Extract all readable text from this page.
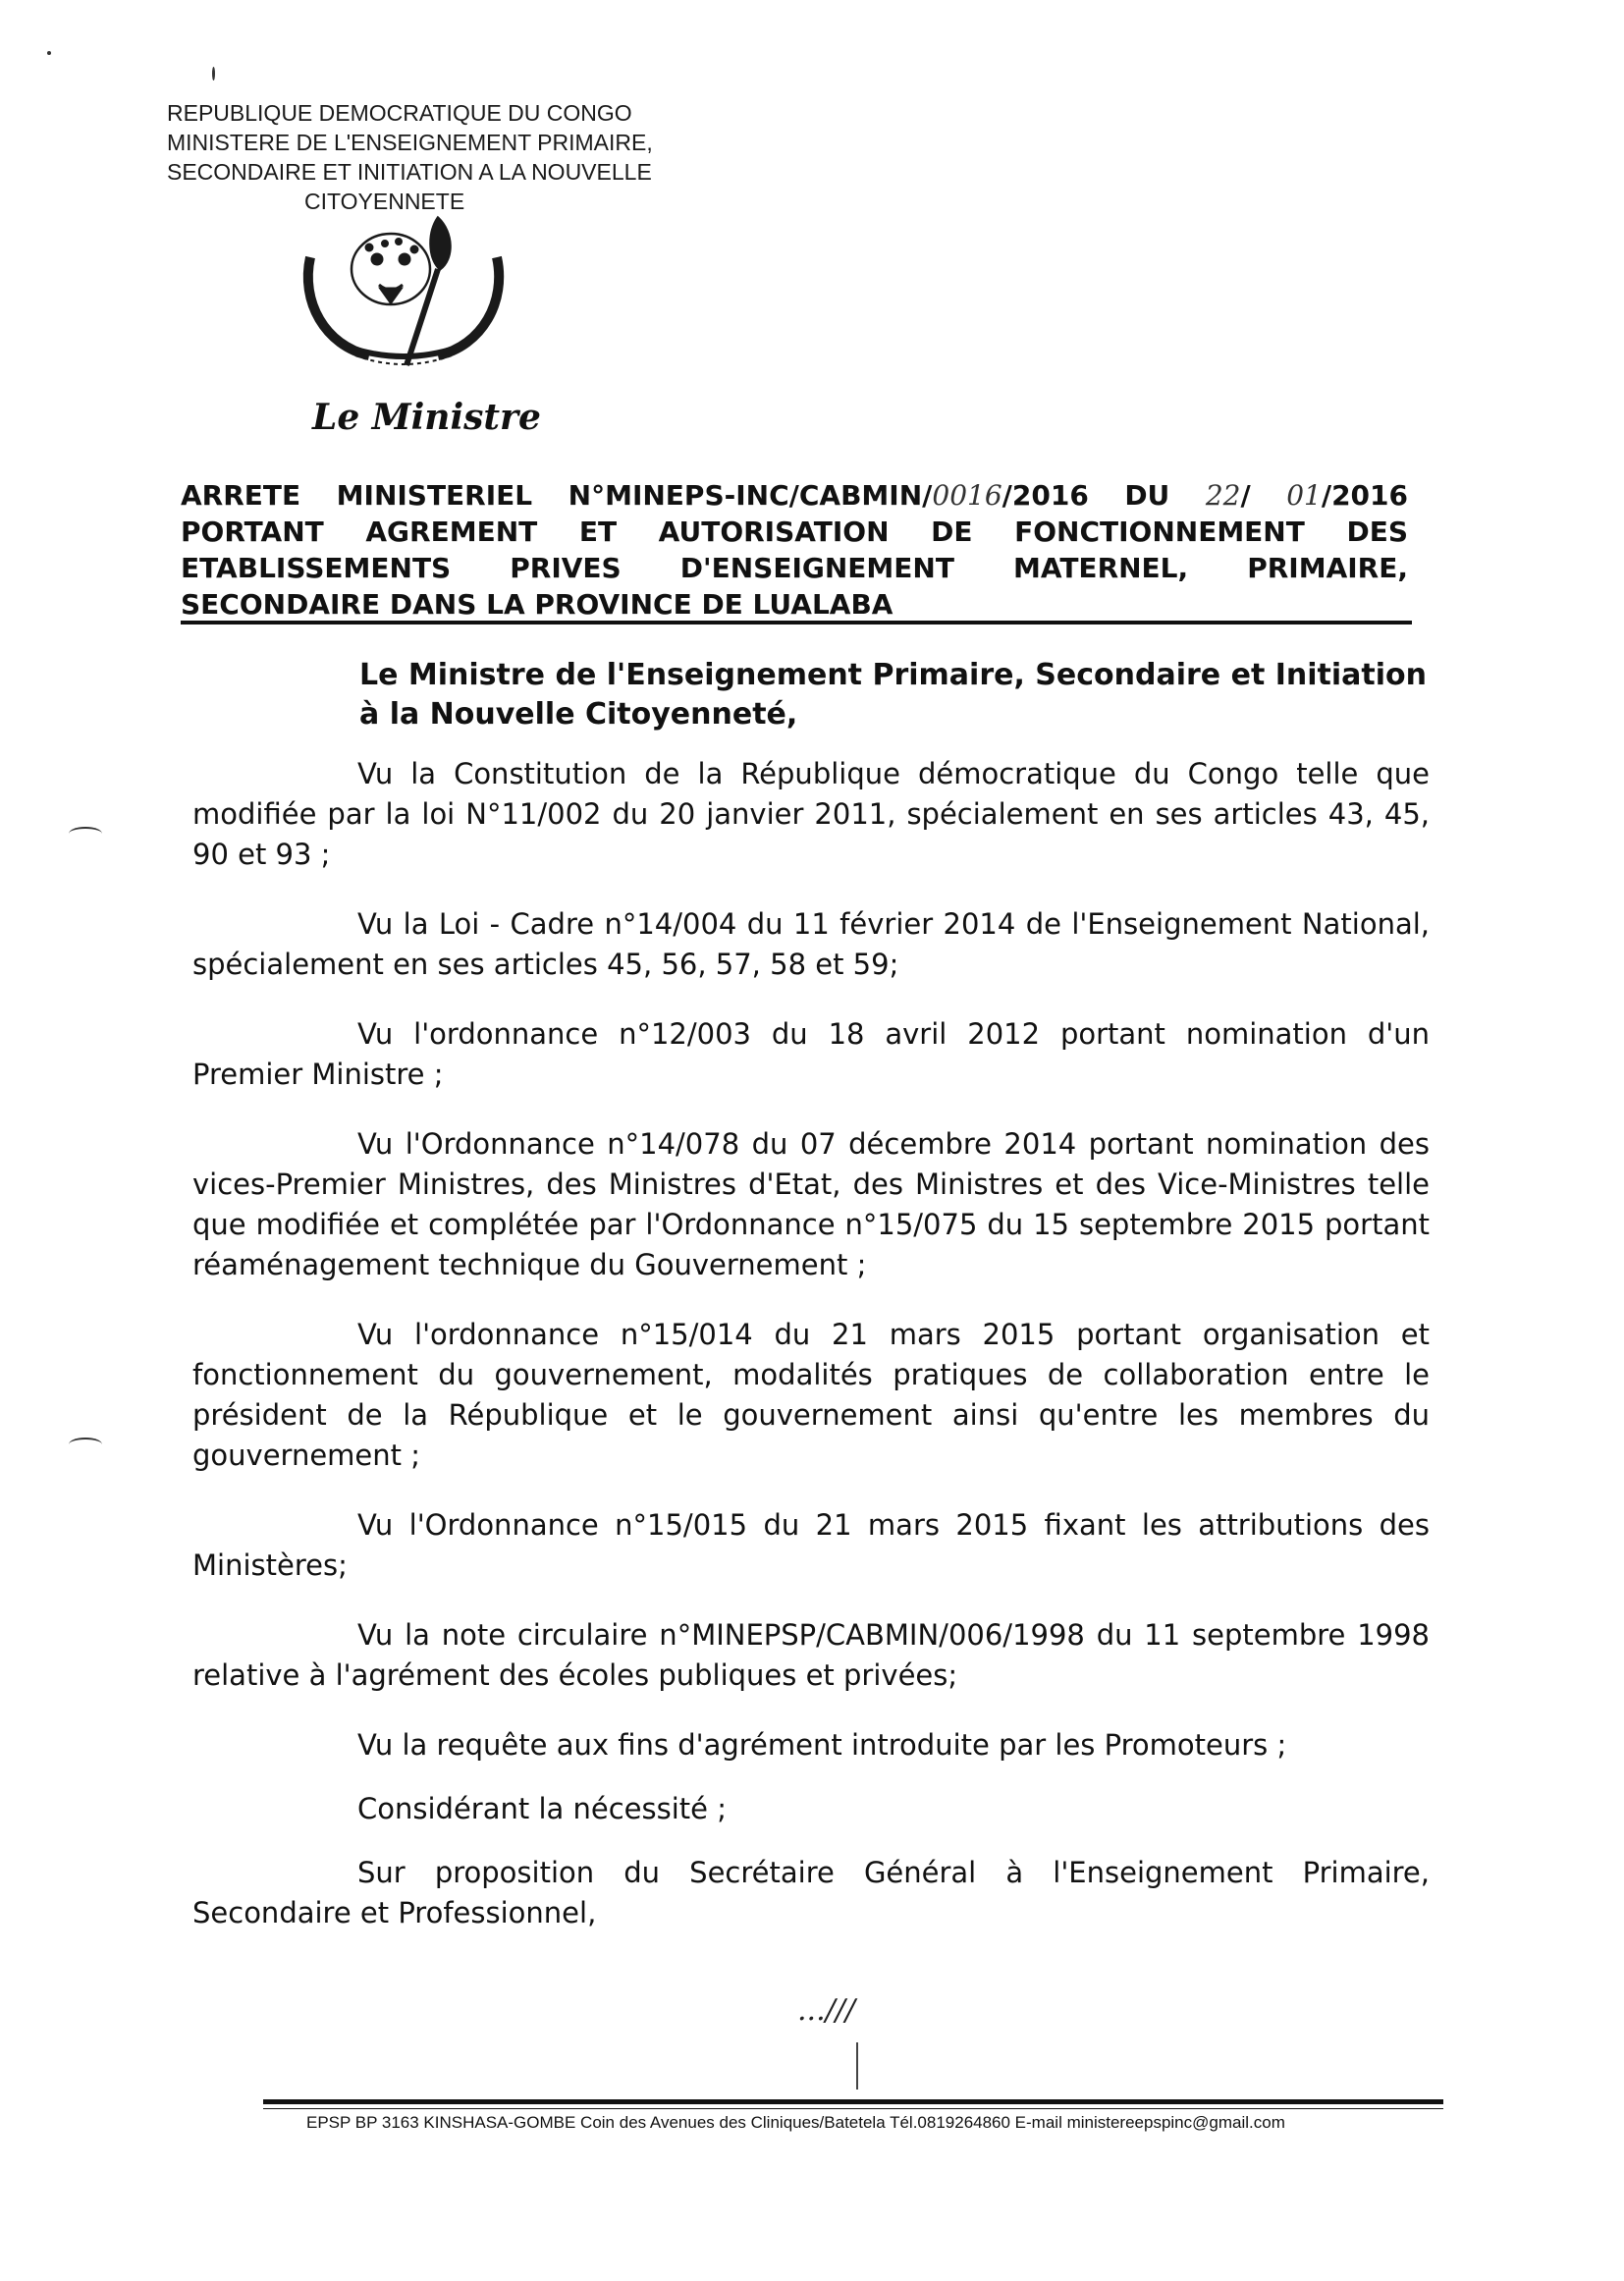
REPUBLIQUE DEMOCRATIQUE DU CONGO
MINISTERE DE L'ENSEIGNEMENT PRIMAIRE,
SECONDAIRE ET INITIATION A LA NOUVELLE
CITOYENNETE
Le Ministre
ARRETE MINISTERIEL N°MINEPS-INC/CABMIN/0016/2016 DU 22/ 01/2016
PORTANT AGREMENT ET AUTORISATION DE FONCTIONNEMENT DES
ETABLISSEMENTS PRIVES D'ENSEIGNEMENT MATERNEL, PRIMAIRE,
SECONDAIRE DANS LA PROVINCE DE LUALABA
Le Ministre de l'Enseignement Primaire, Secondaire et Initiation à la Nouvelle Citoyenneté,
Vu la Constitution de la République démocratique du Congo telle que modifiée par la loi N°11/002 du 20 janvier 2011, spécialement en ses articles 43, 45, 90 et 93 ;
Vu la Loi - Cadre n°14/004 du 11 février 2014 de l'Enseignement National, spécialement en ses articles 45, 56, 57, 58 et 59;
Vu l'ordonnance n°12/003 du 18 avril 2012 portant nomination d'un Premier Ministre ;
Vu l'Ordonnance n°14/078 du 07 décembre 2014 portant nomination des vices-Premier Ministres, des Ministres d'Etat, des Ministres et des Vice-Ministres telle que modifiée et complétée par l'Ordonnance n°15/075 du 15 septembre 2015 portant réaménagement technique du Gouvernement ;
Vu l'ordonnance n°15/014 du 21 mars 2015 portant organisation et fonctionnement du gouvernement, modalités pratiques de collaboration entre le président de la République et le gouvernement ainsi qu'entre les membres du gouvernement ;
Vu l'Ordonnance n°15/015 du 21 mars 2015 fixant les attributions des Ministères;
Vu la note circulaire n°MINEPSP/CABMIN/006/1998 du 11 septembre 1998 relative à l'agrément des écoles publiques et privées;
Vu la requête aux fins d'agrément introduite par les Promoteurs ;
Considérant la nécessité ;
Sur proposition du Secrétaire Général à l'Enseignement Primaire, Secondaire et Professionnel,
...///
EPSP BP 3163 KINSHASA-GOMBE Coin des Avenues des Cliniques/Batetela Tél.0819264860 E-mail ministereepspinc@gmail.com
